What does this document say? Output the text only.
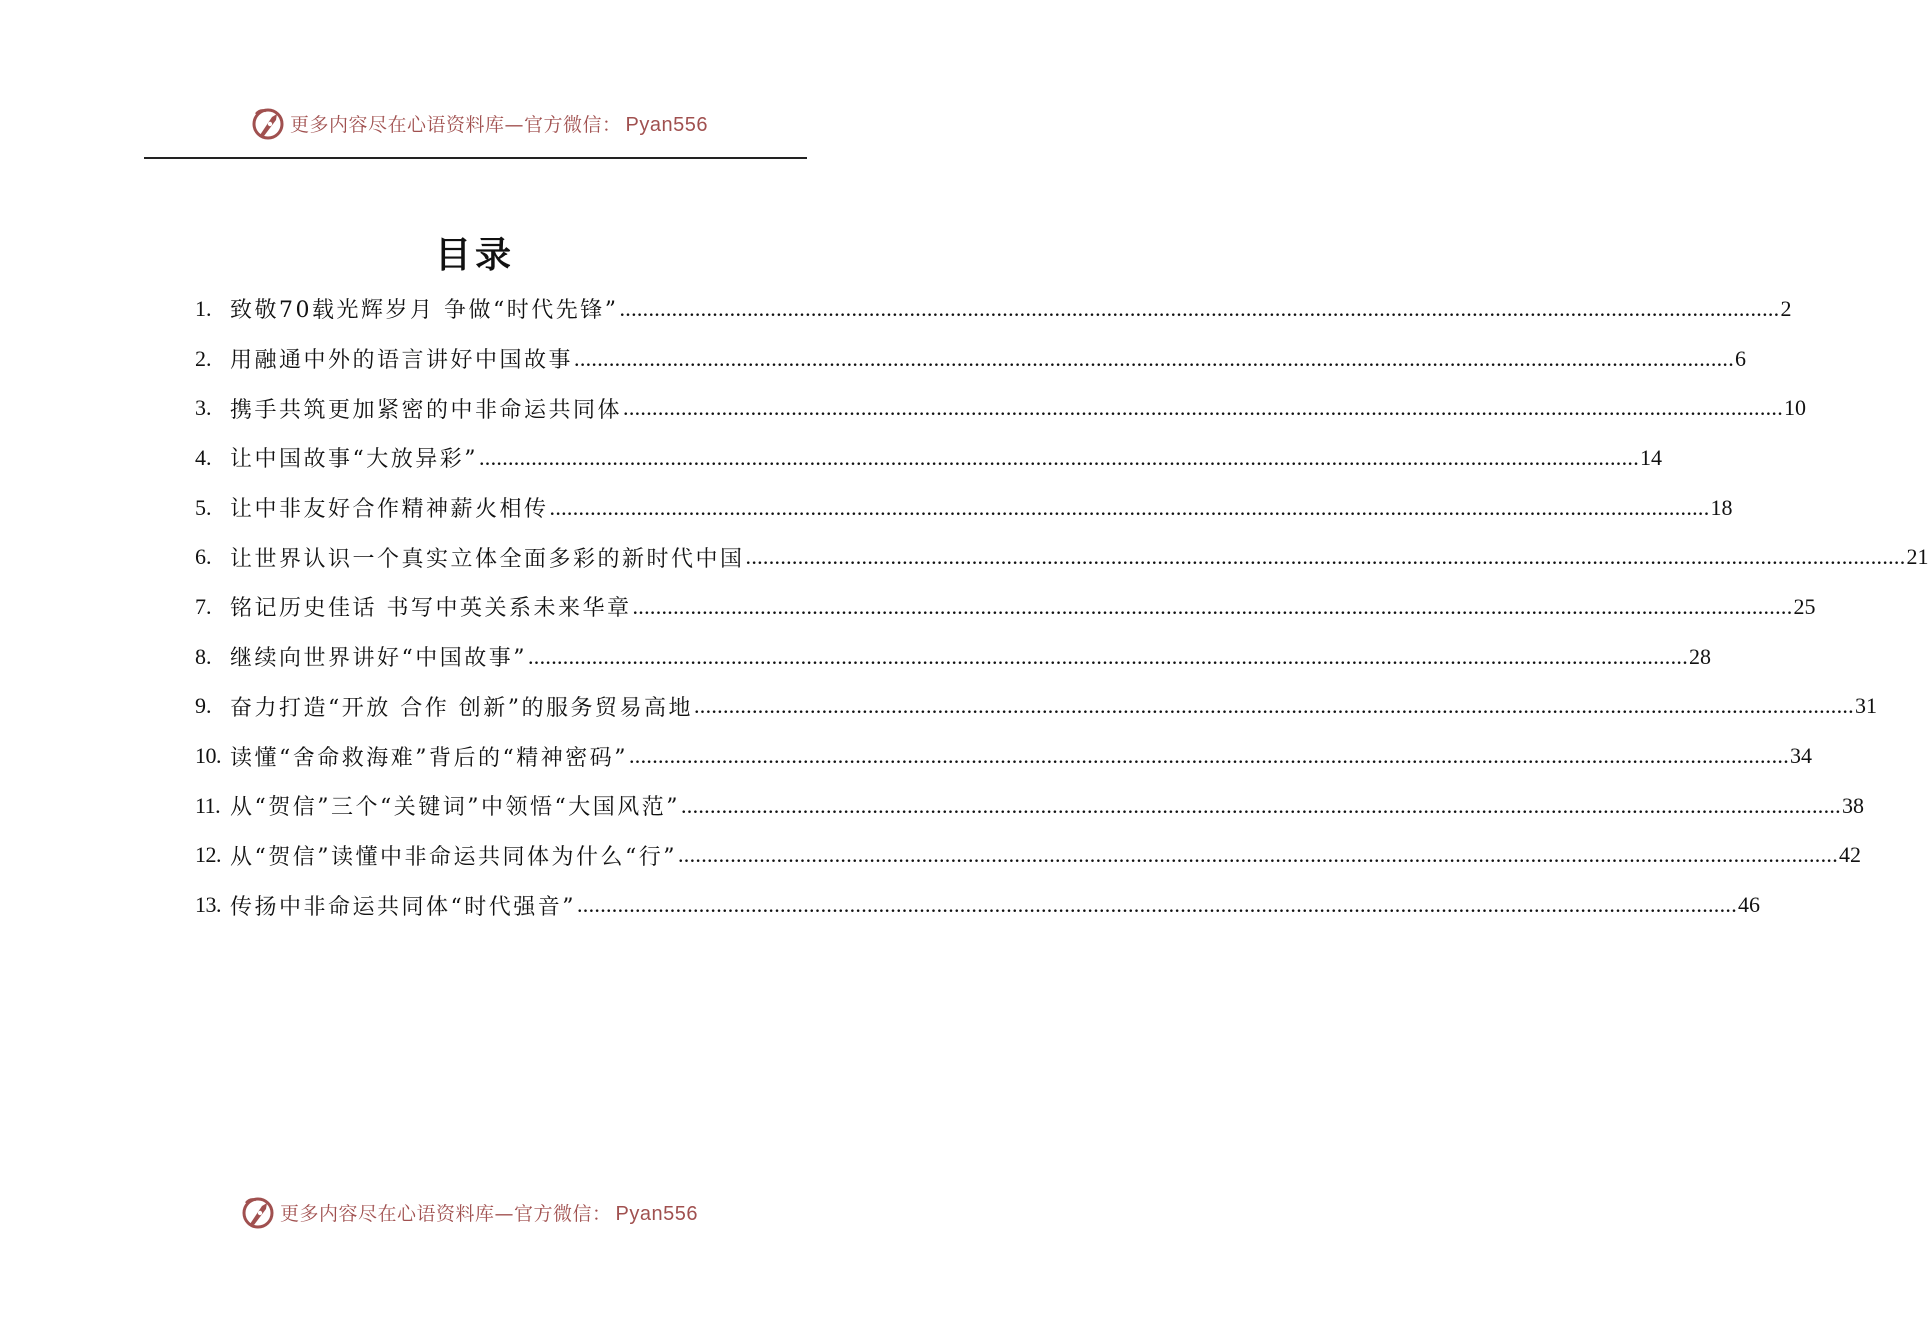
更多内容尽在心语资料库—官方微信： Pyan556
目录
1. 致敬70载光辉岁月 争做“时代先锋” ........................................................................................................................................................................................................ 2
2. 用融通中外的语言讲好中国故事 ........................................................................................................................................................................................................ 6
3. 携手共筑更加紧密的中非命运共同体 ........................................................................................................................................................................................................ 10
4. 让中国故事“大放异彩” ........................................................................................................................................................................................................ 14
5. 让中非友好合作精神薪火相传 ........................................................................................................................................................................................................ 18
6. 让世界认识一个真实立体全面多彩的新时代中国 ........................................................................................................................................................................................................ 21
7. 铭记历史佳话 书写中英关系未来华章 ........................................................................................................................................................................................................ 25
8. 继续向世界讲好“中国故事” ........................................................................................................................................................................................................ 28
9. 奋力打造“开放 合作 创新”的服务贸易高地 ........................................................................................................................................................................................................ 31
10. 读懂“舍命救海难”背后的“精神密码” ........................................................................................................................................................................................................ 34
11. 从“贺信”三个“关键词”中领悟“大国风范” ........................................................................................................................................................................................................ 38
12. 从“贺信”读懂中非命运共同体为什么“行” ........................................................................................................................................................................................................ 42
13. 传扬中非命运共同体“时代强音” ........................................................................................................................................................................................................ 46
更多内容尽在心语资料库—官方微信： Pyan556
